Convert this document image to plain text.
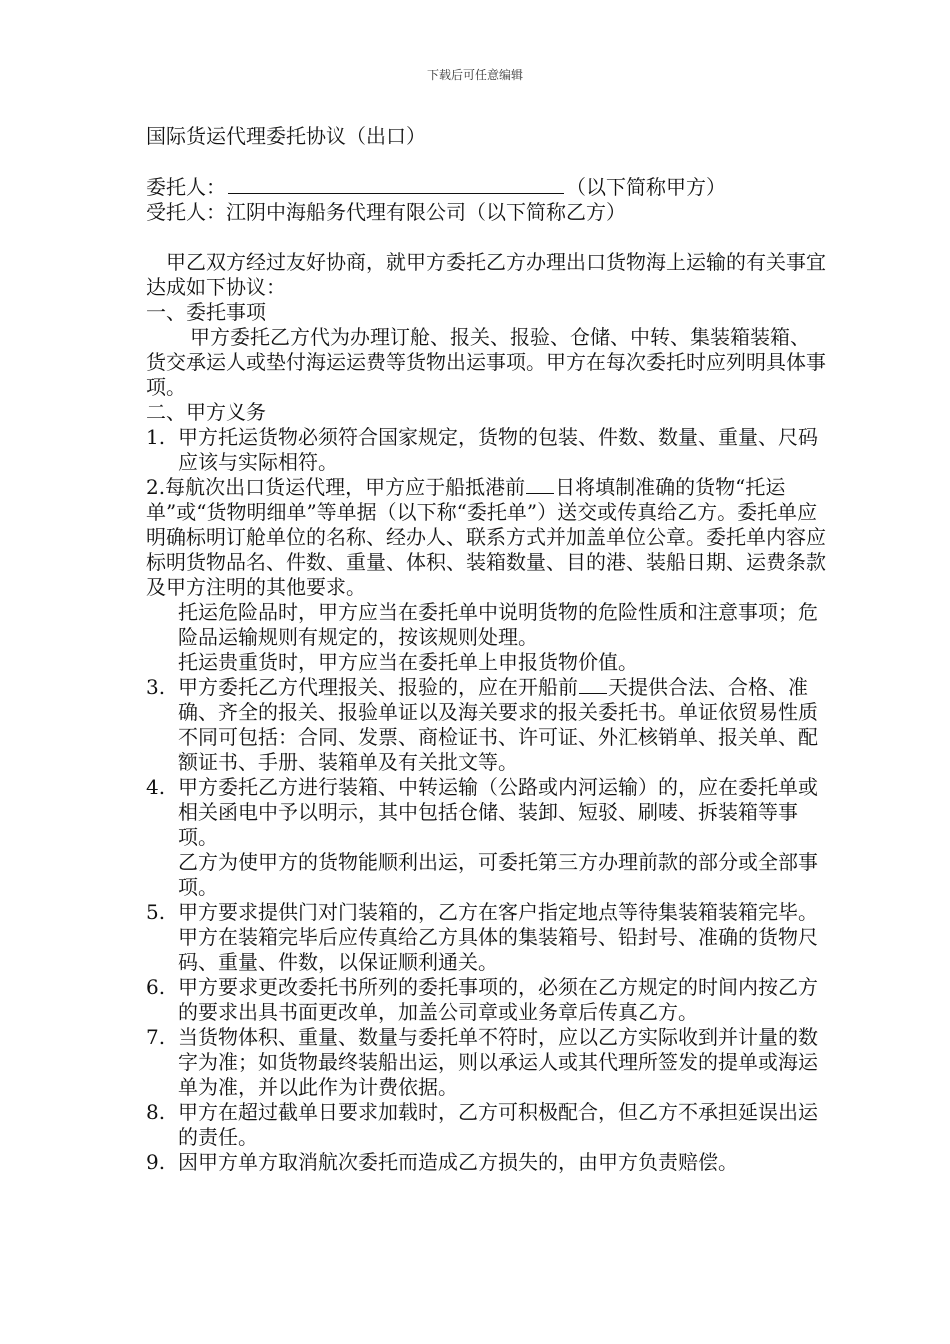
下载后可任意编辑

国际货运代理委托协议（出口）

委托人：	（以下简称甲方）

受托人：江阴中海船务代理有限公司（以下简称乙方）

甲乙双方经过友好协商，就甲方委托乙方办理出口货物海上运输的有关事宜达成如下协议：

一、委托事项

甲方委托乙方代为办理订舱、报关、报验、仓储、中转、集装箱装箱、货交承运人或垫付海运运费等货物出运事项。甲方在每次委托时应列明具体事项。

二、甲方义务

1. 甲方托运货物必须符合国家规定，货物的包装、件数、数量、重量、尺码应该与实际相符。

2.每航次出口货运代理，甲方应于船抵港前 日将填制准确的货物“托运单”或“货物明细单”等单据（以下称“委托单”）送交或传真给乙方。委托单应明确标明订舱单位的名称、经办人、联系方式并加盖单位公章。委托单内容应标明货物品名、件数、重量、体积、装箱数量、目的港、装船日期、运费条款及甲方注明的其他要求。

托运危险品时，甲方应当在委托单中说明货物的危险性质和注意事项；危险品运输规则有规定的，按该规则处理。

托运贵重货时，甲方应当在委托单上申报货物价值。

3. 甲方委托乙方代理报关、报验的，应在开船前 天提供合法、合格、准确、齐全的报关、报验单证以及海关要求的报关委托书。单证依贸易性质不同可包括：合同、发票、商检证书、许可证、外汇核销单、报关单、配额证书、手册、装箱单及有关批文等。
4. 甲方委托乙方进行装箱、中转运输（公路或内河运输）的，应在委托单或相关函电中予以明示，其中包括仓储、装卸、短驳、刷唛、拆装箱等事项。

乙方为使甲方的货物能顺利出运，可委托第三方办理前款的部分或全部事项。

5. 甲方要求提供门对门装箱的，乙方在客户指定地点等待集装箱装箱完毕。甲方在装箱完毕后应传真给乙方具体的集装箱号、铅封号、准确的货物尺码、重量、件数，以保证顺利通关。
6. 甲方要求更改委托书所列的委托事项的，必须在乙方规定的时间内按乙方的要求出具书面更改单，加盖公司章或业务章后传真乙方。
7. 当货物体积、重量、数量与委托单不符时，应以乙方实际收到并计量的数字为准；如货物最终装船出运，则以承运人或其代理所签发的提单或海运单为准，并以此作为计费依据。
8. 甲方在超过截单日要求加载时，乙方可积极配合，但乙方不承担延误出运的责任。
9. 因甲方单方取消航次委托而造成乙方损失的，由甲方负责赔偿。
